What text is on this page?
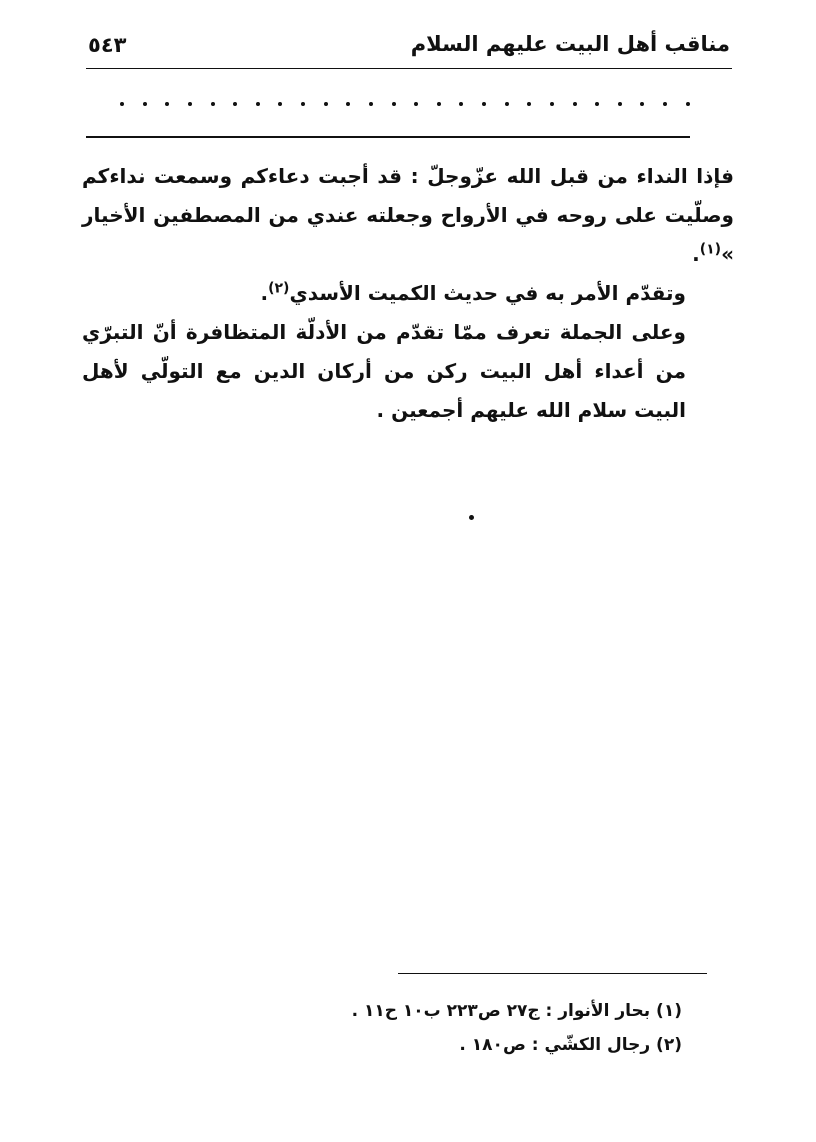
مناقب أهل البيت عليهم السلام
٥٤٣

فإذا النداء من قبل الله عزّوجلّ : قد أجبت دعاءكم وسمعت نداءكم وصلّيت على روحه في الأرواح وجعلته عندي من المصطفين الأخيار »$^{(١)}$.

وتقدّم الأمر به في حديث الكميت الأسدي$^{(٢)}$.

وعلى الجملة تعرف ممّا تقدّم من الأدلّة المتظافرة أنّ التبرّي من أعداء أهل البيت ركن من أركان الدين مع التولّي لأهل البيت سلام الله عليهم أجمعين .

(١) بحار الأنوار : ج٢٧ ص٢٢٣ ب١٠ ح١١ .

(٢) رجال الكشّي : ص١٨٠ .
